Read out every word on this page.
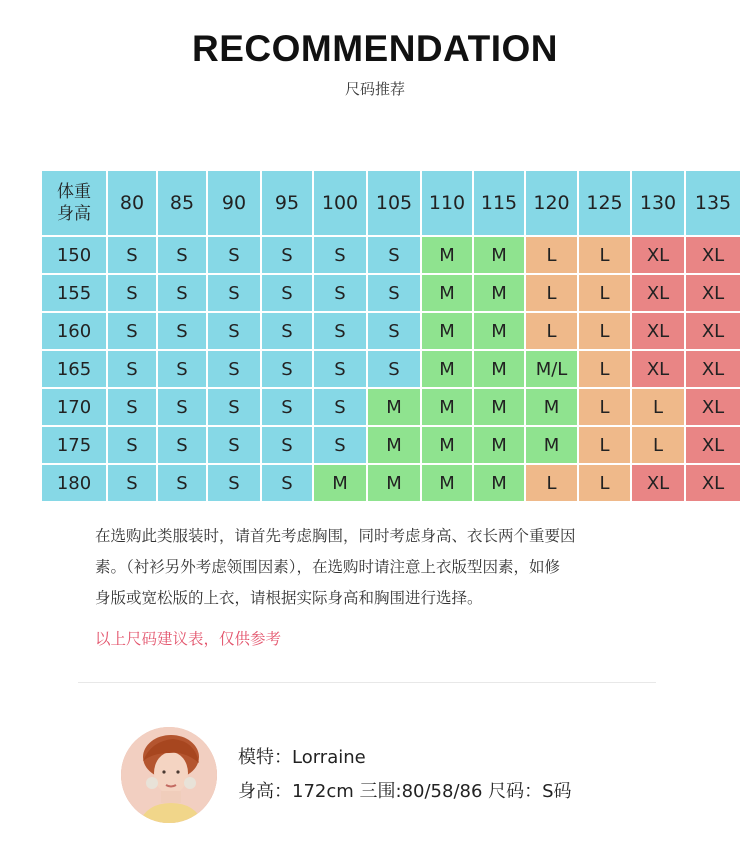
RECOMMENDATION
尺码推荐
体重
身高	80	85	90	95	100	105	110	115	120	125	130	135
150	S	S	S	S	S	S	M	M	L	L	XL	XL
155	S	S	S	S	S	S	M	M	L	L	XL	XL
160	S	S	S	S	S	S	M	M	L	L	XL	XL
165	S	S	S	S	S	S	M	M	M/L	L	XL	XL
170	S	S	S	S	S	M	M	M	M	L	L	XL
175	S	S	S	S	S	M	M	M	M	L	L	XL
180	S	S	S	S	M	M	M	M	L	L	XL	XL
在选购此类服装时，请首先考虑胸围，同时考虑身高、衣长两个重要因
素。（衬衫另外考虑领围因素），在选购时请注意上衣版型因素，如修
身版或宽松版的上衣，请根据实际身高和胸围进行选择。
以上尺码建议表，仅供参考
模特：Lorraine
身高：172cm 三围:80/58/86 尺码：S码
